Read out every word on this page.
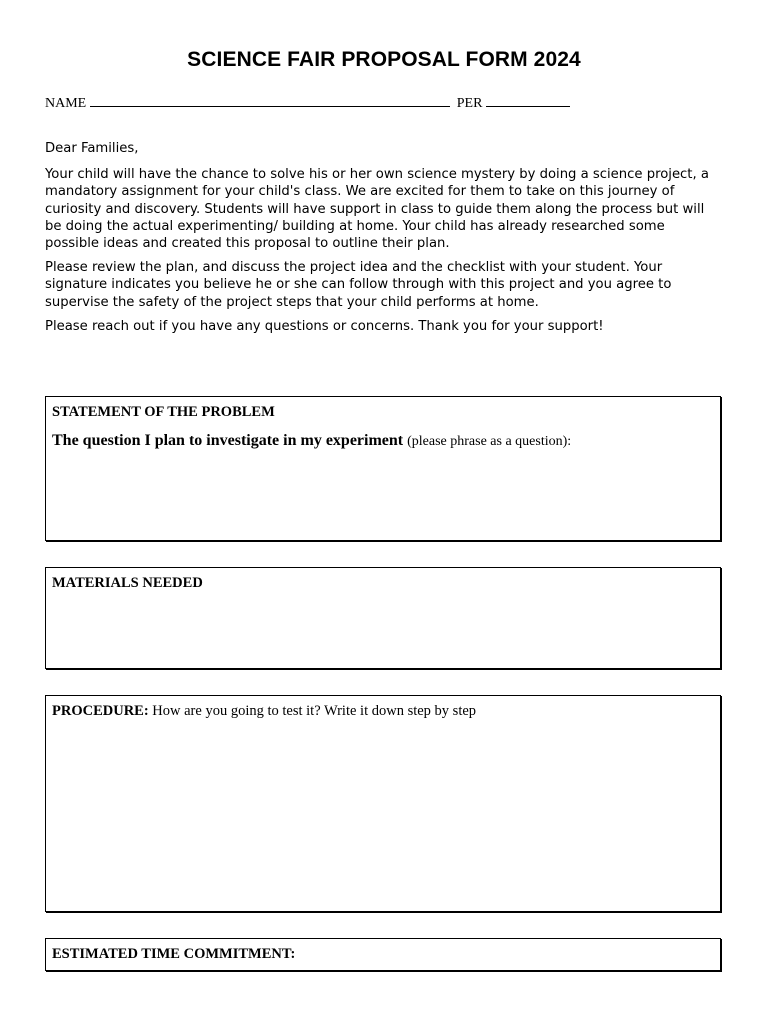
SCIENCE FAIR PROPOSAL FORM 2024
NAME	PER

Dear Families,

Your child will have the chance to solve his or her own science mystery by doing a science project, a mandatory assignment for your child's class. We are excited for them to take on this journey of curiosity and discovery. Students will have support in class to guide them along the process but will be doing the actual experimenting/ building at home. Your child has already researched some possible ideas and created this proposal to outline their plan.

Please review the plan, and discuss the project idea and the checklist with your student. Your signature indicates you believe he or she can follow through with this project and you agree to supervise the safety of the project steps that your child performs at home.

Please reach out if you have any questions or concerns. Thank you for your support!

STATEMENT OF THE PROBLEM
The question I plan to investigate in my experiment (please phrase as a question):
MATERIALS NEEDED
PROCEDURE: How are you going to test it? Write it down step by step
ESTIMATED TIME COMMITMENT:
